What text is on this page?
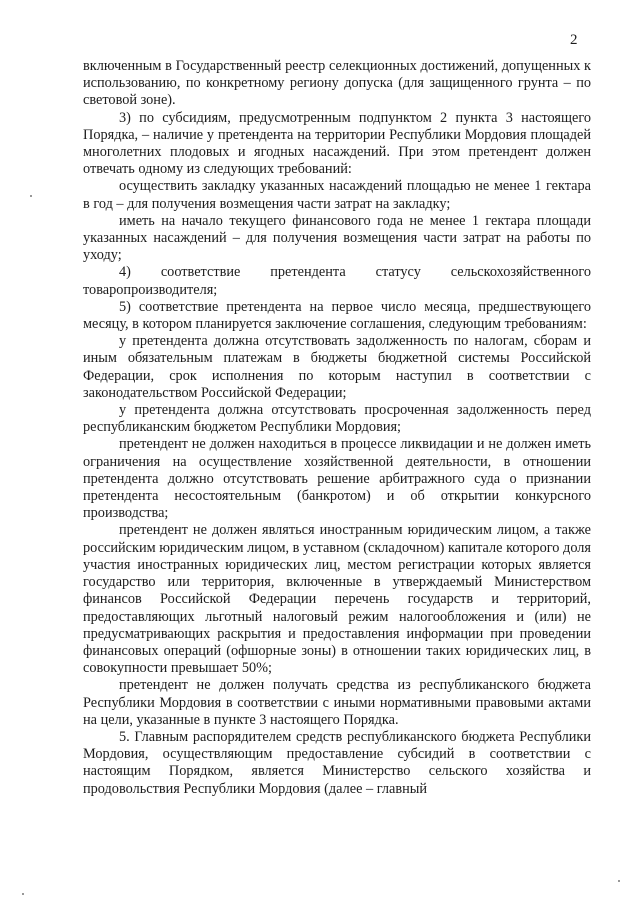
2

включенным в Государственный реестр селекционных достижений, допущенных к использованию, по конкретному региону допуска (для защищенного грунта – по световой зоне).

3) по субсидиям, предусмотренным подпунктом 2 пункта 3 настоящего Порядка, – наличие у претендента на территории Республики Мордовия площадей многолетних плодовых и ягодных насаждений. При этом претендент должен отвечать одному из следующих требований:

осуществить закладку указанных насаждений площадью не менее 1 гектара в год – для получения возмещения части затрат на закладку;

иметь на начало текущего финансового года не менее 1 гектара площади указанных насаждений – для получения возмещения части затрат на работы по уходу;

4) соответствие претендента статусу сельскохозяйственного товаропроизводителя;

5) соответствие претендента на первое число месяца, предшествующего месяцу, в котором планируется заключение соглашения, следующим требованиям:

у претендента должна отсутствовать задолженность по налогам, сборам и иным обязательным платежам в бюджеты бюджетной системы Российской Федерации, срок исполнения по которым наступил в соответствии с законодательством Российской Федерации;

у претендента должна отсутствовать просроченная задолженность перед республиканским бюджетом Республики Мордовия;

претендент не должен находиться в процессе ликвидации и не должен иметь ограничения на осуществление хозяйственной деятельности, в отношении претендента должно отсутствовать решение арбитражного суда о признании претендента несостоятельным (банкротом) и об открытии конкурсного производства;

претендент не должен являться иностранным юридическим лицом, а также российским юридическим лицом, в уставном (складочном) капитале которого доля участия иностранных юридических лиц, местом регистрации которых является государство или территория, включенные в утверждаемый Министерством финансов Российской Федерации перечень государств и территорий, предоставляющих льготный налоговый режим налогообложения и (или) не предусматривающих раскрытия и предоставления информации при проведении финансовых операций (офшорные зоны) в отношении таких юридических лиц, в совокупности превышает 50%;

претендент не должен получать средства из республиканского бюджета Республики Мордовия в соответствии с иными нормативными правовыми актами на цели, указанные в пункте 3 настоящего Порядка.

5. Главным распорядителем средств республиканского бюджета Республики Мордовия, осуществляющим предоставление субсидий в соответствии с настоящим Порядком, является Министерство сельского хозяйства и продовольствия Республики Мордовия (далее – главный
